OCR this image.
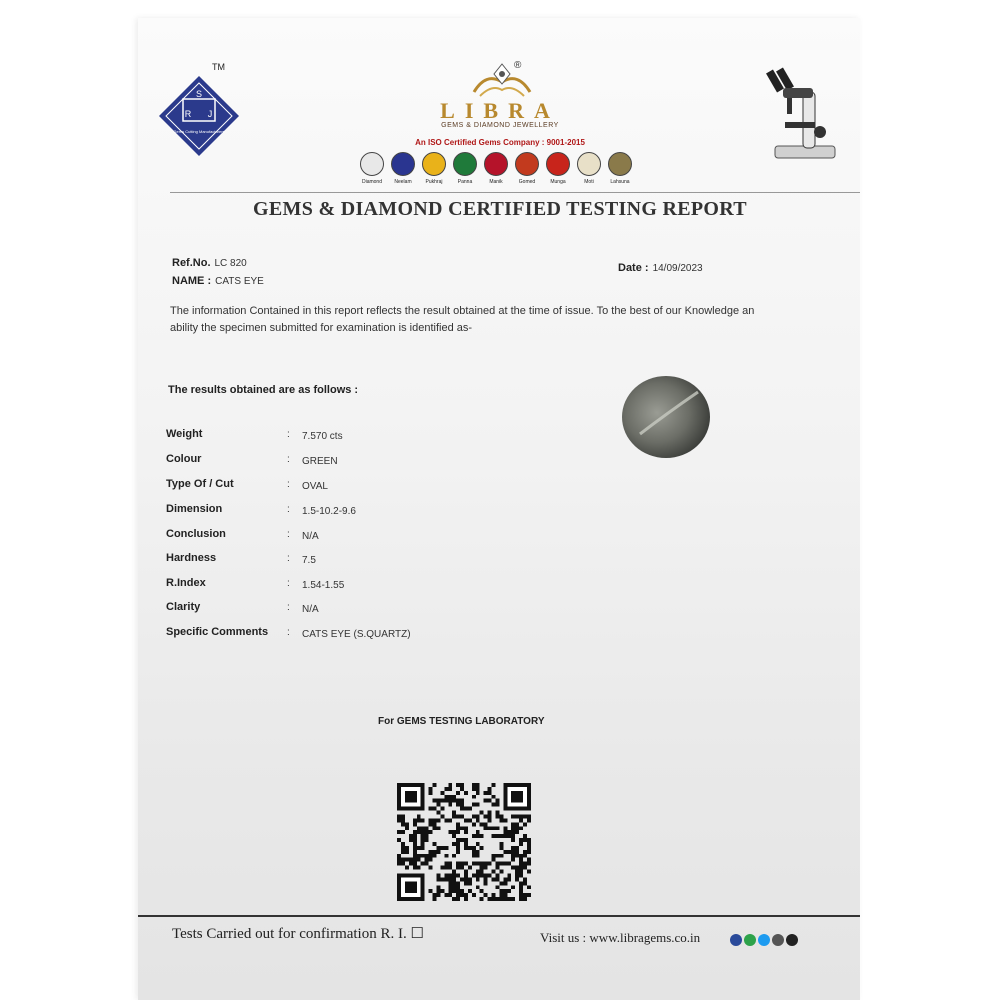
TM
S
R J
Gems Cutting Manufacturers
®
LIBRA
GEMS & DIAMOND JEWELLERY
An ISO Certified Gems Company : 9001-2015
Diamond Neelam	Pukhraj	Panna	Manik	Gomed	Munga	Moti	Lahsuna
GEMS & DIAMOND CERTIFIED TESTING REPORT
Ref.No. LC 820
NAME : CATS EYE
Date : 14/09/2023
The information Contained in this report reflects the result obtained at the time of issue. To the best of our Knowledge an ability the specimen submitted for examination is identified as-
The results obtained are as follows :
Weight	: 7.570 cts
Colour	: GREEN
Type Of / Cut	: OVAL
Dimension	: 1.5-10.2-9.6
Conclusion	: N/A
Hardness	: 7.5
R.Index	: 1.54-1.55
Clarity	: N/A
Specific Comments : CATS EYE (S.QUARTZ)
For GEMS TESTING LABORATORY
Tests Carried out for confirmation R. I. ☐	Visit us : www.libragems.co.in
